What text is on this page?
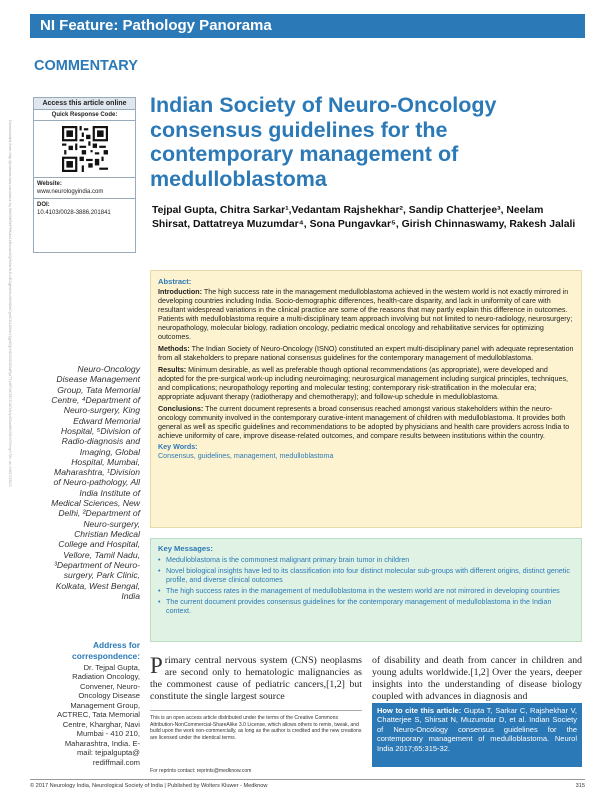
NI Feature: Pathology Panorama
COMMENTARY
Downloaded from http://journals.lww.com/neur by BhDMf5ePHKav1zEoum1tQfN4a+kJLhEZgbsIHo4XMi0hCywCX1AWnYQp/IlQrHD3i3D0OdRyi7TvSFl4Cf3VC4/OAVpDDa8KKGKV0Ymy+78= on 04/27/2023
Access this article online
Quick Response Code:
Website:
www.neurologyindia.com
DOI:
10.4103/0028-3886.201841
Indian Society of Neuro-Oncology consensus guidelines for the contemporary management of medulloblastoma
Tejpal Gupta, Chitra Sarkar¹,Vedantam Rajshekhar², Sandip Chatterjee³, Neelam Shirsat, Dattatreya Muzumdar⁴, Sona Pungavkar⁵, Girish Chinnaswamy, Rakesh Jalali
Neuro-Oncology Disease Management Group, Tata Memorial Centre, ⁴Department of Neuro-surgery, King Edward Memorial Hospital, ⁵Division of Radio-diagnosis and Imaging, Global Hospital, Mumbai, Maharashtra, ¹Division of Neuro-pathology, All India Institute of Medical Sciences, New Delhi, ²Department of Neuro-surgery, Christian Medical College and Hospital, Vellore, Tamil Nadu, ³Department of Neuro-surgery, Park Clinic, Kolkata, West Bengal, India
Address for correspondence:
Dr. Tejpal Gupta, Radiation Oncology, Convener, Neuro-Oncology Disease Management Group, ACTREC, Tata Memorial Centre, Kharghar, Navi Mumbai - 410 210, Maharashtra, India. E-mail: tejpalgupta@ rediffmail.com
Abstract:

Introduction: The high success rate in the management medulloblastoma achieved in the western world is not exactly mirrored in developing countries including India. Socio-demographic differences, health-care disparity, and lack in uniformity of care with resultant widespread variations in the clinical practice are some of the reasons that may partly explain this difference in outcomes. Patients with medulloblastoma require a multi-disciplinary team approach involving but not limited to neuro-radiology, neurosurgery; neuropathology, molecular biology, radiation oncology, pediatric medical oncology and rehabilitative services for optimizing outcomes.

Methods: The Indian Society of Neuro-Oncology (ISNO) constituted an expert multi-disciplinary panel with adequate representation from all stakeholders to prepare national consensus guidelines for the contemporary management of medulloblastoma.

Results: Minimum desirable, as well as preferable though optional recommendations (as appropriate), were developed and adopted for the pre-surgical work-up including neuroimaging; neurosurgical management including surgical principles, techniques, and complications; neuropathology reporting and molecular testing; contemporary risk-stratification in the molecular era; appropriate adjuvant therapy (radiotherapy and chemotherapy); and follow-up schedule in medulloblastoma.

Conclusions: The current document represents a broad consensus reached amongst various stakeholders within the neuro-oncology community involved in the contemporary curative-intent management of children with medulloblastoma. It provides both general as well as specific guidelines and recommendations to be adopted by physicians and health care providers across India to achieve uniformity of care, improve disease-related outcomes, and compare results between institutions within the country.

Key Words:
Consensus, guidelines, management, medulloblastoma
Key Messages:
• Medulloblastoma is the commonest malignant primary brain tumor in children
• Novel biological insights have led to its classification into four distinct molecular sub-groups with different origins, distinct genetic profile, and diverse clinical outcomes
• The high success rates in the management of medulloblastoma in the western world are not mirrored in developing countries
• The current document provides consensus guidelines for the contemporary management of medulloblastoma in the Indian context.
Primary central nervous system (CNS) neoplasms are second only to hematologic malignancies as the commonest cause of pediatric cancers,[1,2] but constitute the single largest source
of disability and death from cancer in children and young adults worldwide.[1,2] Over the years, deeper insights into the understanding of disease biology coupled with advances in diagnosis and
This is an open access article distributed under the terms of the Creative Commons Attribution-NonCommercial-ShareAlike 3.0 License, which allows others to remix, tweak, and build upon the work non-commercially, as long as the author is credited and the new creations are licensed under the identical terms.
For reprints contact: reprints@medknow.com
How to cite this article: Gupta T, Sarkar C, Rajshekhar V, Chatterjee S, Shirsat N, Muzumdar D, et al. Indian Society of Neuro-Oncology consensus guidelines for the contemporary management of medulloblastoma. Neurol India 2017;65:315-32.
© 2017 Neurology India, Neurological Society of India | Published by Wolters Kluwer - Medknow	315
